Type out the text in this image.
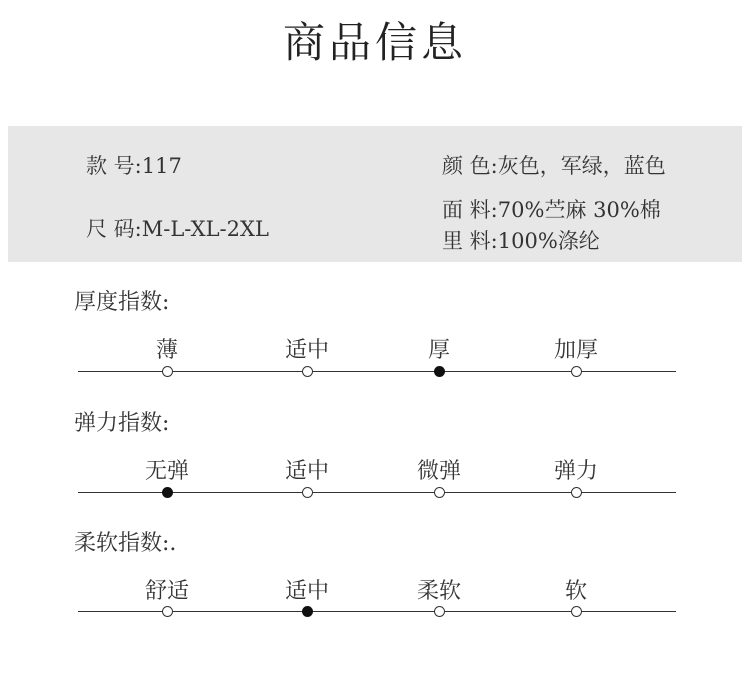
商品信息
款 号:117
尺 码:M-L-XL-2XL
颜 色:灰色，军绿，蓝色
面 料:70%苎麻 30%棉
里 料:100%涤纶
厚度指数:
薄	适中	厚	加厚
弹力指数:
无弹	适中	微弹	弹力
柔软指数:.
舒适	适中	柔软	软
